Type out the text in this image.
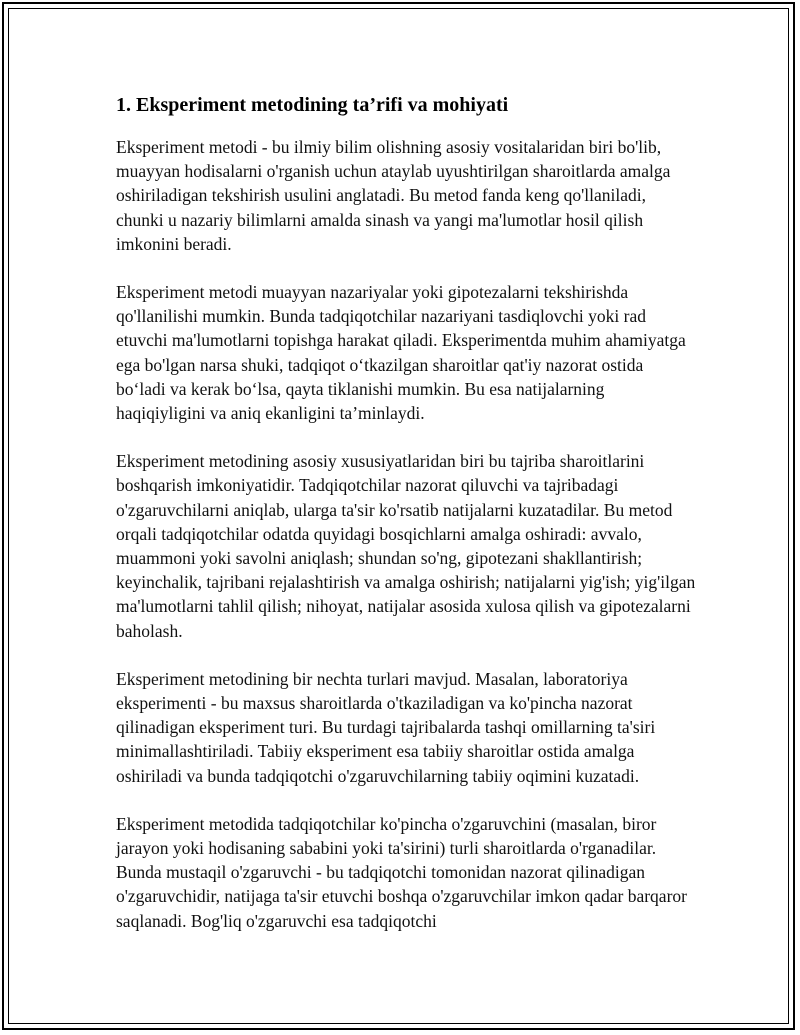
1. Eksperiment metodining ta’rifi va mohiyati

Eksperiment metodi - bu ilmiy bilim olishning asosiy vositalaridan biri bo'lib, muayyan hodisalarni o'rganish uchun ataylab uyushtirilgan sharoitlarda amalga oshiriladigan tekshirish usulini anglatadi. Bu metod fanda keng qo'llaniladi, chunki u nazariy bilimlarni amalda sinash va yangi ma'lumotlar hosil qilish imkonini beradi.

Eksperiment metodi muayyan nazariyalar yoki gipotezalarni tekshirishda qo'llanilishi mumkin. Bunda tadqiqotchilar nazariyani tasdiqlovchi yoki rad etuvchi ma'lumotlarni topishga harakat qiladi. Eksperimentda muhim ahamiyatga ega bo'lgan narsa shuki, tadqiqot o‘tkazilgan sharoitlar qat'iy nazorat ostida bo‘ladi va kerak bo‘lsa, qayta tiklanishi mumkin. Bu esa natijalarning haqiqiyligini va aniq ekanligini ta’minlaydi.

Eksperiment metodining asosiy xususiyatlaridan biri bu tajriba sharoitlarini boshqarish imkoniyatidir. Tadqiqotchilar nazorat qiluvchi va tajribadagi o'zgaruvchilarni aniqlab, ularga ta'sir ko'rsatib natijalarni kuzatadilar. Bu metod orqali tadqiqotchilar odatda quyidagi bosqichlarni amalga oshiradi: avvalo, muammoni yoki savolni aniqlash; shundan so'ng, gipotezani shakllantirish; keyinchalik, tajribani rejalashtirish va amalga oshirish; natijalarni yig'ish; yig'ilgan ma'lumotlarni tahlil qilish; nihoyat, natijalar asosida xulosa qilish va gipotezalarni baholash.

Eksperiment metodining bir nechta turlari mavjud. Masalan, laboratoriya eksperimenti - bu maxsus sharoitlarda o'tkaziladigan va ko'pincha nazorat qilinadigan eksperiment turi. Bu turdagi tajribalarda tashqi omillarning ta'siri minimallashtiriladi. Tabiiy eksperiment esa tabiiy sharoitlar ostida amalga oshiriladi va bunda tadqiqotchi o'zgaruvchilarning tabiiy oqimini kuzatadi.

Eksperiment metodida tadqiqotchilar ko'pincha o'zgaruvchini (masalan, biror jarayon yoki hodisaning sababini yoki ta'sirini) turli sharoitlarda o'rganadilar. Bunda mustaqil o'zgaruvchi - bu tadqiqotchi tomonidan nazorat qilinadigan o'zgaruvchidir, natijaga ta'sir etuvchi boshqa o'zgaruvchilar imkon qadar barqaror saqlanadi. Bog'liq o'zgaruvchi esa tadqiqotchi
